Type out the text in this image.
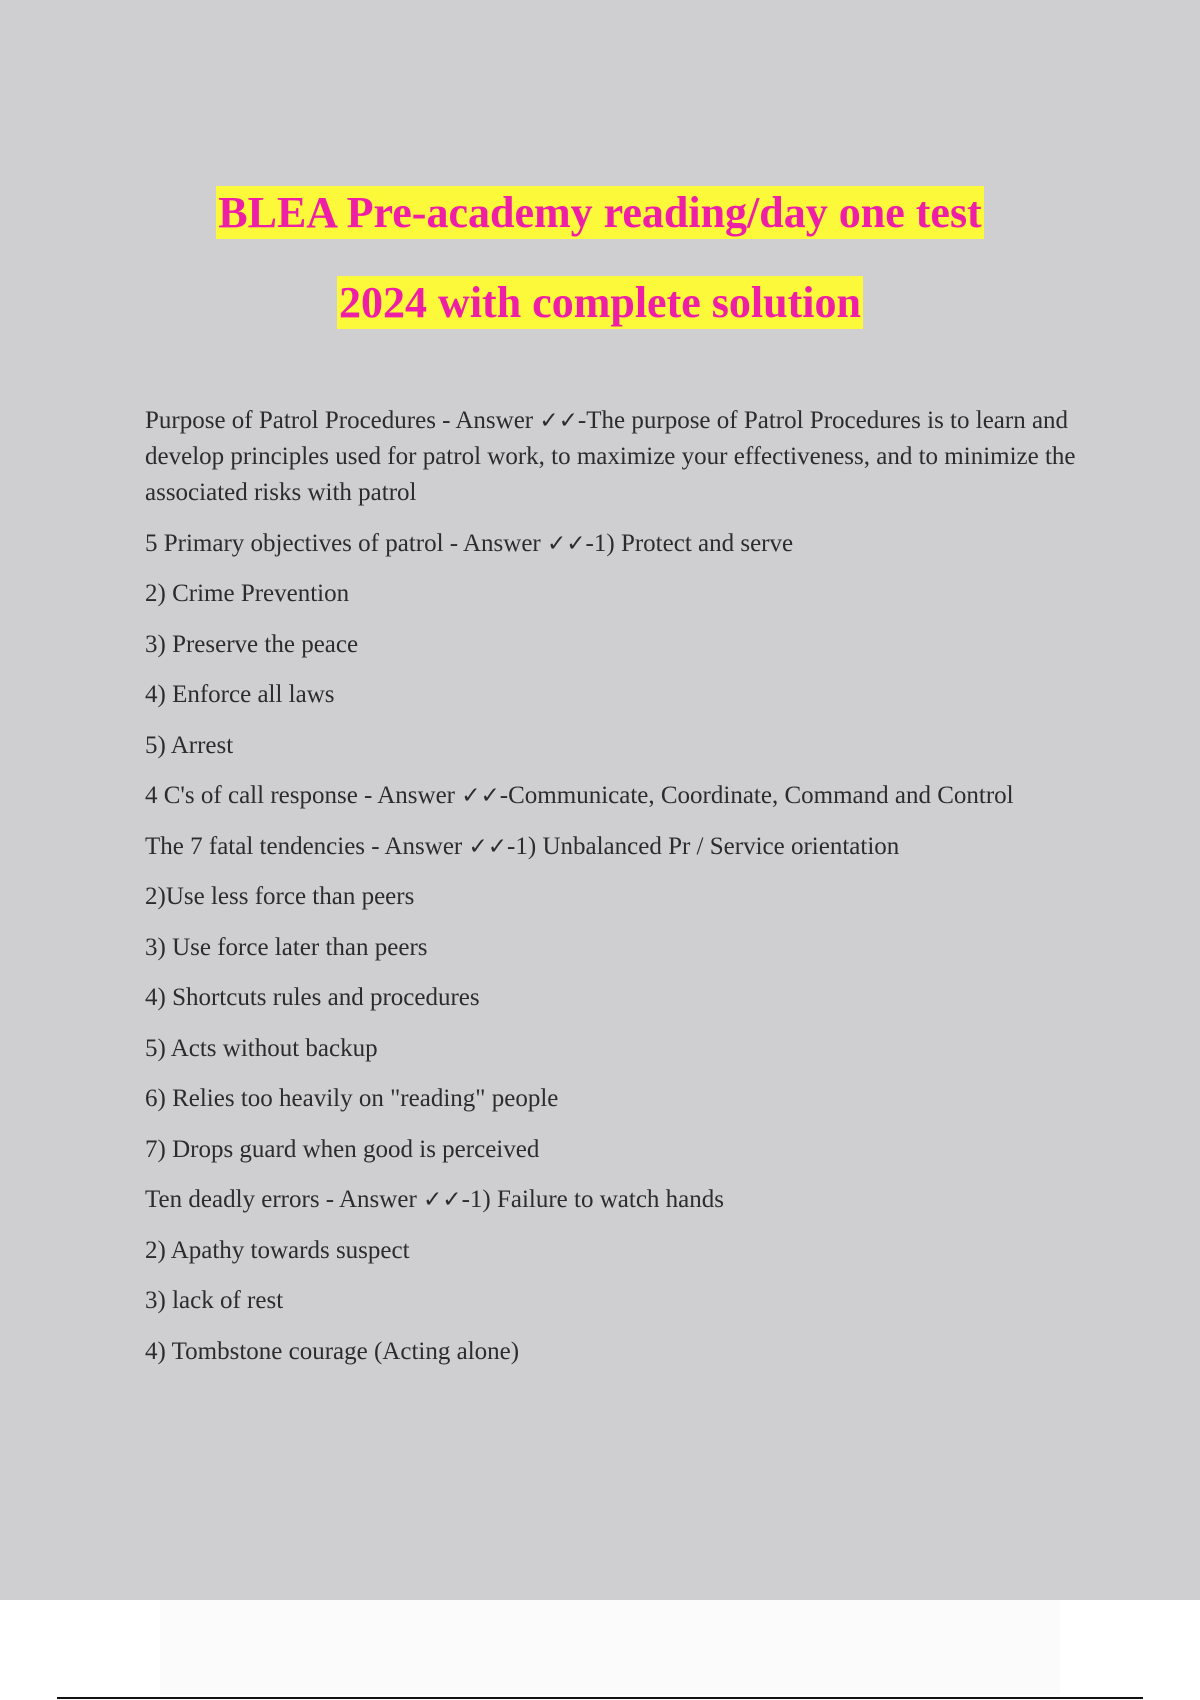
BLEA Pre-academy reading/day one test
2024 with complete solution

Purpose of Patrol Procedures - Answer ✓✓-The purpose of Patrol Procedures is to learn and develop principles used for patrol work, to maximize your effectiveness, and to minimize the associated risks with patrol

5 Primary objectives of patrol - Answer ✓✓-1) Protect and serve

2) Crime Prevention

3) Preserve the peace

4) Enforce all laws

5) Arrest

4 C's of call response - Answer ✓✓-Communicate, Coordinate, Command and Control

The 7 fatal tendencies - Answer ✓✓-1) Unbalanced Pr / Service orientation

2)Use less force than peers

3) Use force later than peers

4) Shortcuts rules and procedures

5) Acts without backup

6) Relies too heavily on "reading" people

7) Drops guard when good is perceived

Ten deadly errors - Answer ✓✓-1) Failure to watch hands

2) Apathy towards suspect

3) lack of rest

4) Tombstone courage (Acting alone)
